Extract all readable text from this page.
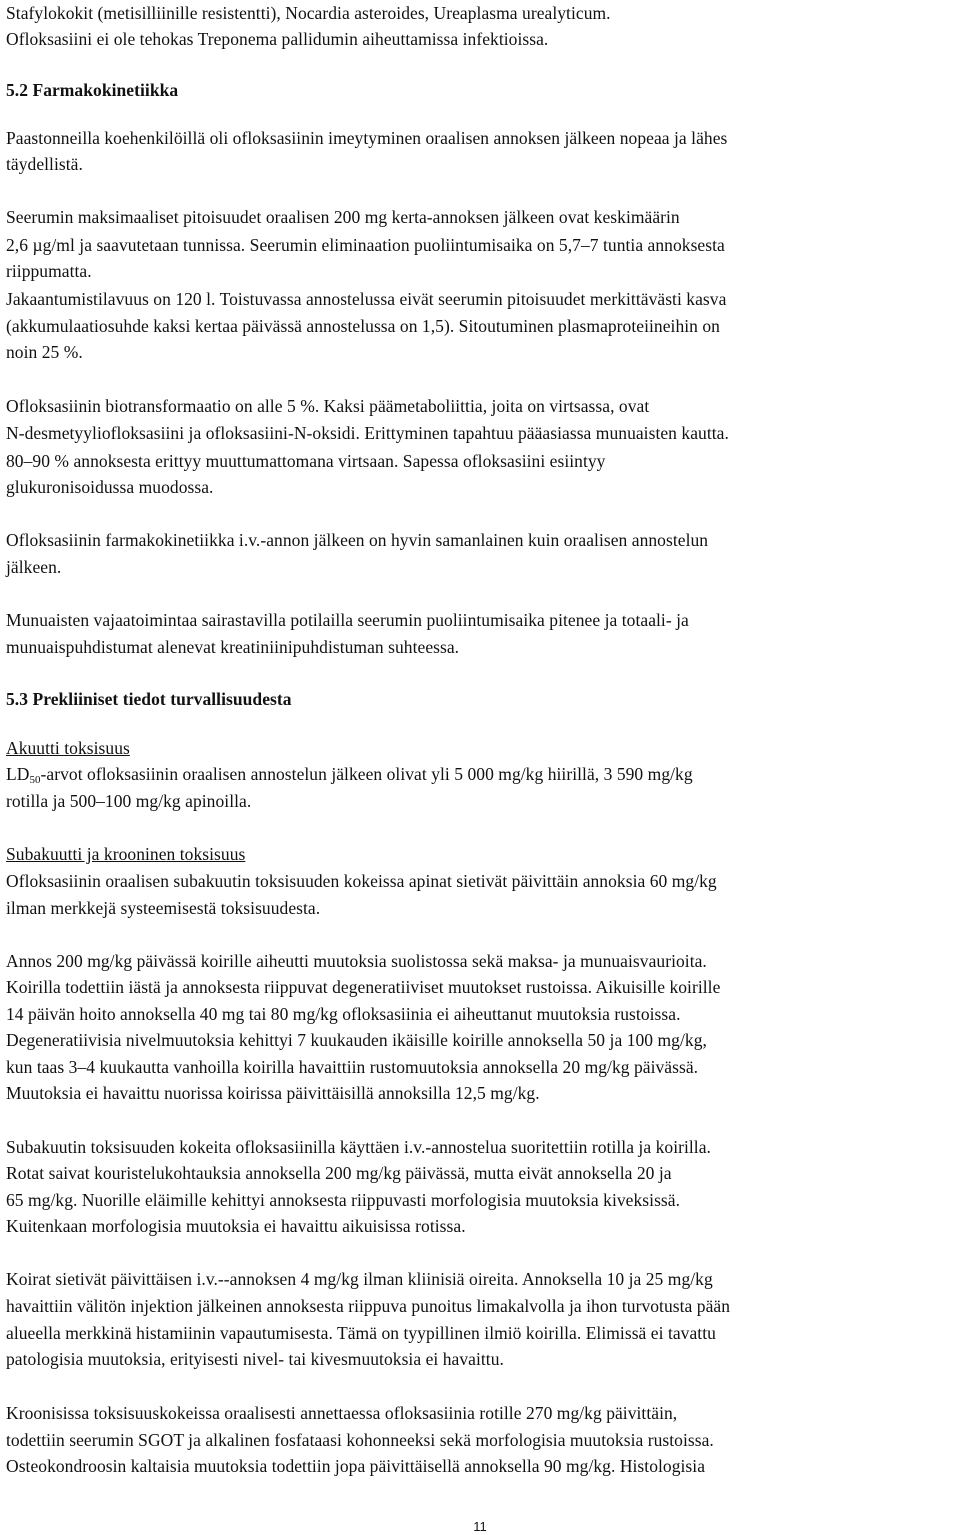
Stafylokokit (metisilliinille resistentti), Nocardia asteroides, Ureaplasma urealyticum.
Ofloksasiini ei ole tehokas Treponema pallidumin aiheuttamissa infektioissa.
5.2 Farmakokinetiikka
Paastonneilla koehenkilöillä oli ofloksasiinin imeytyminen oraalisen annoksen jälkeen nopeaa ja lähes
täydellistä.
Seerumin maksimaaliset pitoisuudet oraalisen 200 mg kerta-annoksen jälkeen ovat keskimäärin
2,6 µg/ml ja saavutetaan tunnissa. Seerumin eliminaation puoliintumisaika on 5,7–7 tuntia annoksesta
riippumatta.
Jakaantumistilavuus on 120 l. Toistuvassa annostelussa eivät seerumin pitoisuudet merkittävästi kasva
(akkumulaatiosuhde kaksi kertaa päivässä annostelussa on 1,5). Sitoutuminen plasmaproteiineihin on
noin 25 %.
Ofloksasiinin biotransformaatio on alle 5 %. Kaksi päämetaboliittia, joita on virtsassa, ovat
N-desmetyyliofloksasiini ja ofloksasiini-N-oksidi. Erittyminen tapahtuu pääasiassa munuaisten kautta.
80–90 % annoksesta erittyy muuttumattomana virtsaan. Sapessa ofloksasiini esiintyy
glukuronisoidussa muodossa.
Ofloksasiinin farmakokinetiikka i.v.-annon jälkeen on hyvin samanlainen kuin oraalisen annostelun
jälkeen.
Munuaisten vajaatoimintaa sairastavilla potilailla seerumin puoliintumisaika pitenee ja totaali- ja
munuaispuhdistumat alenevat kreatiniinipuhdistuman suhteessa.
5.3 Prekliiniset tiedot turvallisuudesta
Akuutti toksisuus
rotilla ja 500–100 mg/kg apinoilla.
Subakuutti ja krooninen toksisuus
Ofloksasiinin oraalisen subakuutin toksisuuden kokeissa apinat sietivät päivittäin annoksia 60 mg/kg
ilman merkkejä systeemisestä toksisuudesta.
Annos 200 mg/kg päivässä koirille aiheutti muutoksia suolistossa sekä maksa- ja munuaisvaurioita.
Koirilla todettiin iästä ja annoksesta riippuvat degeneratiiviset muutokset rustoissa. Aikuisille koirille
14 päivän hoito annoksella 40 mg tai 80 mg/kg ofloksasiinia ei aiheuttanut muutoksia rustoissa.
Degeneratiivisia nivelmuutoksia kehittyi 7 kuukauden ikäisille koirille annoksella 50 ja 100 mg/kg,
kun taas 3–4 kuukautta vanhoilla koirilla havaittiin rustomuutoksia annoksella 20 mg/kg päivässä.
Muutoksia ei havaittu nuorissa koirissa päivittäisillä annoksilla 12,5 mg/kg.
Subakuutin toksisuuden kokeita ofloksasiinilla käyttäen i.v.-annostelua suoritettiin rotilla ja koirilla.
Rotat saivat kouristelukohtauksia annoksella 200 mg/kg päivässä, mutta eivät annoksella 20 ja
65 mg/kg. Nuorille eläimille kehittyi annoksesta riippuvasti morfologisia muutoksia kiveksissä.
Kuitenkaan morfologisia muutoksia ei havaittu aikuisissa rotissa.
Koirat sietivät päivittäisen i.v.--annoksen 4 mg/kg ilman kliinisiä oireita. Annoksella 10 ja 25 mg/kg
havaittiin välitön injektion jälkeinen annoksesta riippuva punoitus limakalvolla ja ihon turvotusta pään
alueella merkkinä histamiinin vapautumisesta. Tämä on tyypillinen ilmiö koirilla. Elimissä ei tavattu
patologisia muutoksia, erityisesti nivel- tai kivesmuutoksia ei havaittu.
Kroonisissa toksisuuskokeissa oraalisesti annettaessa ofloksasiinia rotille 270 mg/kg päivittäin,
todettiin seerumin SGOT ja alkalinen fosfataasi kohonneeksi sekä morfologisia muutoksia rustoissa.
Osteokondroosin kaltaisia muutoksia todettiin jopa päivittäisellä annoksella 90 mg/kg. Histologisia
$LD_{50}$-arvot ofloksasiinin oraalisen annostelun jälkeen olivat yli 5 000 mg/kg hiirillä, 3 590 mg/kg
11
